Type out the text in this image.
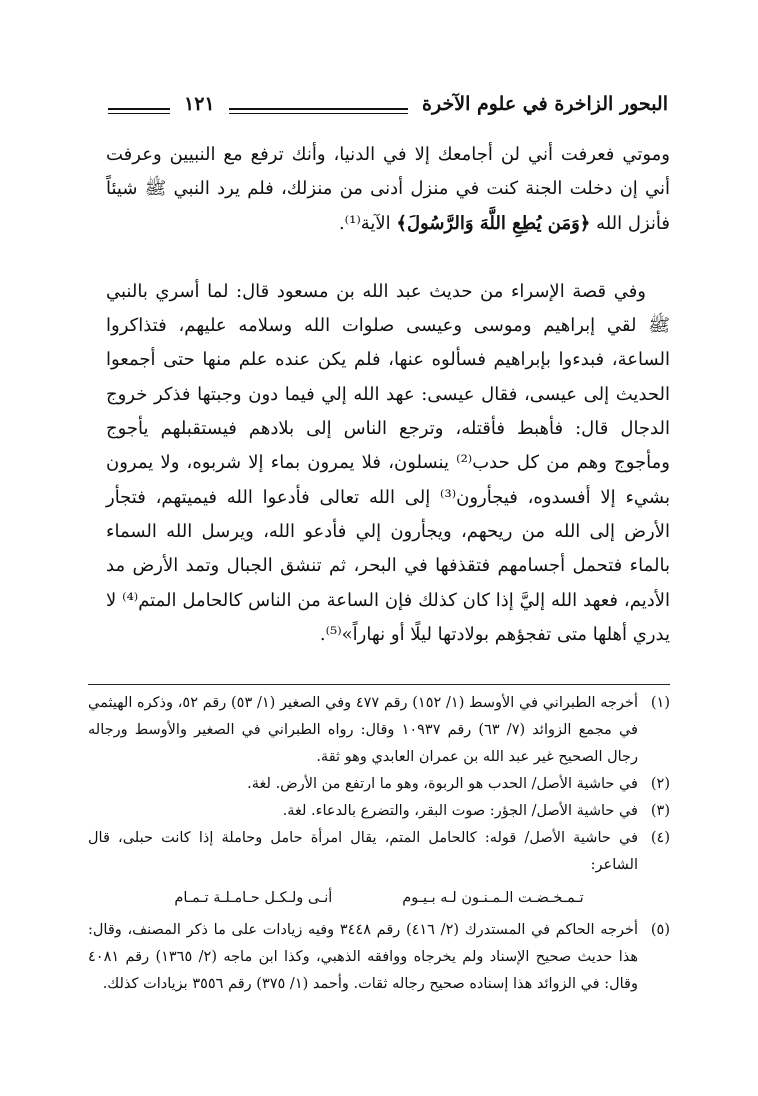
البحور الزاخرة في علوم الآخرة
١٢١

وموتي فعرفت أني لن أجامعك إلا في الدنيا، وأنك ترفع مع النبيين وعرفت أني إن دخلت الجنة كنت في منزل أدنى من منزلك، فلم يرد النبي ﷺ شيئاً فأنزل الله ﴿وَمَن يُطِعِ اللَّهَ وَالرَّسُولَ﴾ الآية⁽¹⁾.

وفي قصة الإسراء من حديث عبد الله بن مسعود قال: لما أسري بالنبي ﷺ لقي إبراهيم وموسى وعيسى صلوات الله وسلامه عليهم، فتذاكروا الساعة، فبدءوا بإبراهيم فسألوه عنها، فلم يكن عنده علم منها حتى أجمعوا الحديث إلى عيسى، فقال عيسى: عهد الله إلي فيما دون وجبتها فذكر خروج الدجال قال: فأهبط فأقتله، وترجع الناس إلى بلادهم فيستقبلهم يأجوج ومأجوج وهم من كل حدب⁽²⁾ ينسلون، فلا يمرون بماء إلا شربوه، ولا يمرون بشيء إلا أفسدوه، فيجأرون⁽³⁾ إلى الله تعالى فأدعوا الله فيميتهم، فتجأر الأرض إلى الله من ريحهم، ويجأرون إلي فأدعو الله، ويرسل الله السماء بالماء فتحمل أجسامهم فتقذفها في البحر، ثم تنشق الجبال وتمد الأرض مد الأديم، فعهد الله إليَّ إذا كان كذلك فإن الساعة من الناس كالحامل المتم⁽⁴⁾ لا يدري أهلها متى تفجؤهم بولادتها ليلًا أو نهاراً»⁽⁵⁾.

(١)أخرجه الطبراني في الأوسط (١/ ١٥٢) رقم ٤٧٧ وفي الصغير (١/ ٥٣) رقم ٥٢، وذكره الهيثمي في مجمع الزوائد (٧/ ٦٣) رقم ١٠٩٣٧ وقال: رواه الطبراني في الصغير والأوسط ورجاله رجال الصحيح غير عبد الله بن عمران العابدي وهو ثقة.

(٢)في حاشية الأصل/ الحدب هو الربوة، وهو ما ارتفع من الأرض. لغة.

(٣)في حاشية الأصل/ الجؤر: صوت البقر، والتضرع بالدعاء. لغة.

(٤)في حاشية الأصل/ قوله: كالحامل المتم، يقال امرأة حامل وحاملة إذا كانت حبلى، قال الشاعر:

تـمـخـضـت الـمـنـون لـه بـيـوم
أنـى ولـكـل حـامـلـة تـمـام

(٥)أخرجه الحاكم في المستدرك (٢/ ٤١٦) رقم ٣٤٤٨ وفيه زيادات على ما ذكر المصنف، وقال: هذا حديث صحيح الإسناد ولم يخرجاه ووافقه الذهبي، وكذا ابن ماجه (٢/ ١٣٦٥) رقم ٤٠٨١ وقال: في الزوائد هذا إسناده صحيح رجاله ثقات. وأحمد (١/ ٣٧٥) رقم ٣٥٥٦ بزيادات كذلك.
